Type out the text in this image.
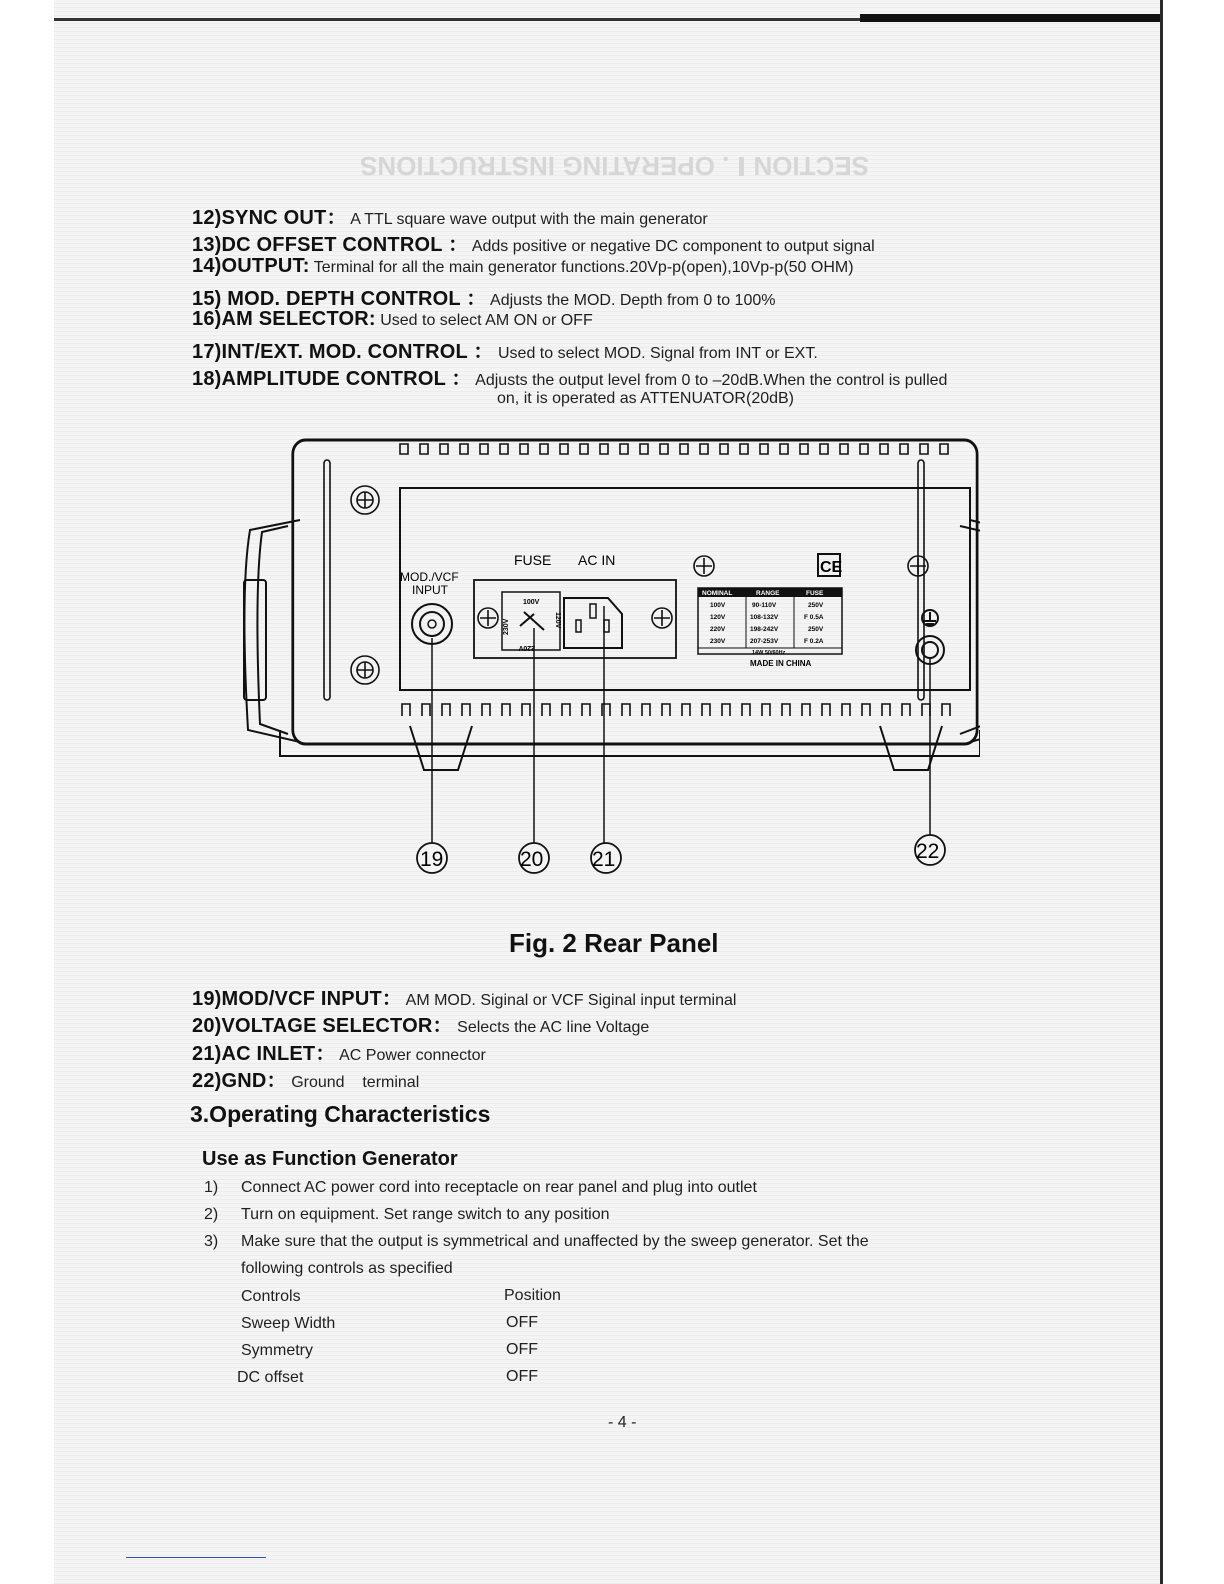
SECTION Ⅰ . OPERATING INSTRUCTIONS
12)SYNC OUT： A TTL square wave output with the main generator
13)DC OFFSET CONTROL ： Adds positive or negative DC component to output signal
14)OUTPUT: Terminal for all the main generator functions.20Vp-p(open),10Vp-p(50 OHM)
15) MOD. DEPTH CONTROL ： Adjusts the MOD. Depth from 0 to 100%
16)AM SELECTOR: Used to select AM ON or OFF
17)INT/EXT. MOD. CONTROL ： Used to select MOD. Signal from INT or EXT.
18)AMPLITUDE CONTROL ： Adjusts the output level from 0 to –20dB.When the control is pulled
on, it is operated as ATTENUATOR(20dB)
MOD./VCF
INPUT
FUSE AC IN
100V
230V	120V
220V
NOMINAL	RANGE	FUSE
100V	90-110V	250V
120V	108-132V	F 0.5A
220V	198-242V	250V
230V	207-253V	F 0.2A
14W 50/60Hz
MADE IN CHINA
CE
19	20 21	22
Fig. 2 Rear Panel
19)MOD/VCF INPUT： AM MOD. Siginal or VCF Siginal input terminal
20)VOLTAGE SELECTOR： Selects the AC line Voltage
21)AC INLET： AC Power connector
22)GND： Ground    terminal
3.Operating Characteristics
Use as Function Generator
1) Connect AC power cord into receptacle on rear panel and plug into outlet
2) Turn on equipment. Set range switch to any position
3) Make sure that the output is symmetrical and unaffected by the sweep generator. Set the
following controls as specified
Controls	Position
Sweep Width	OFF
Symmetry	OFF
DC offset	OFF
- 4 -
